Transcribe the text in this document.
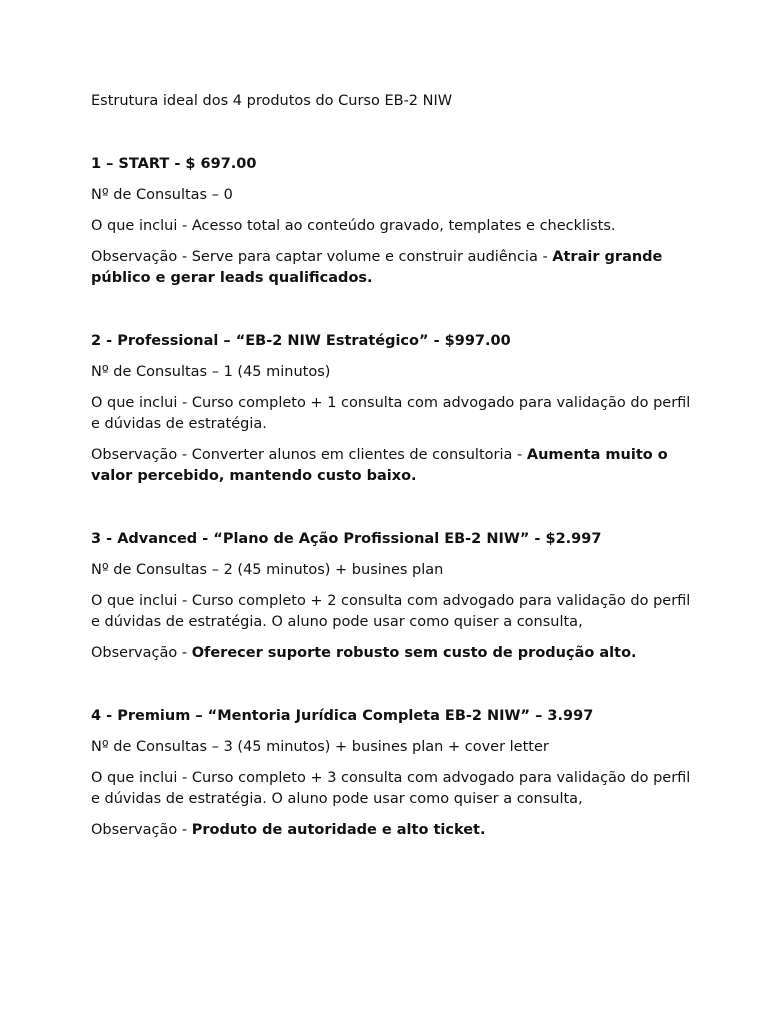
Estrutura ideal dos 4 produtos do Curso EB-2 NIW

1 – START - $ 697.00

Nº de Consultas – 0

O que inclui - Acesso total ao conteúdo gravado, templates e checklists.

Observação - Serve para captar volume e construir audiência - Atrair grande público e gerar leads qualificados.

2 - Professional – “EB-2 NIW Estratégico” - $997.00

Nº de Consultas – 1 (45 minutos)

O que inclui - Curso completo + 1 consulta com advogado para validação do perfil e dúvidas de estratégia.

Observação - Converter alunos em clientes de consultoria - Aumenta muito o valor percebido, mantendo custo baixo.

3 - Advanced - “Plano de Ação Profissional EB-2 NIW” - $2.997

Nº de Consultas – 2 (45 minutos) + busines plan

O que inclui - Curso completo + 2 consulta com advogado para validação do perfil e dúvidas de estratégia. O aluno pode usar como quiser a consulta,

Observação - Oferecer suporte robusto sem custo de produção alto.

4 - Premium – “Mentoria Jurídica Completa EB-2 NIW” – 3.997

Nº de Consultas – 3 (45 minutos) + busines plan + cover letter

O que inclui - Curso completo + 3 consulta com advogado para validação do perfil e dúvidas de estratégia. O aluno pode usar como quiser a consulta,

Observação - Produto de autoridade e alto ticket.
